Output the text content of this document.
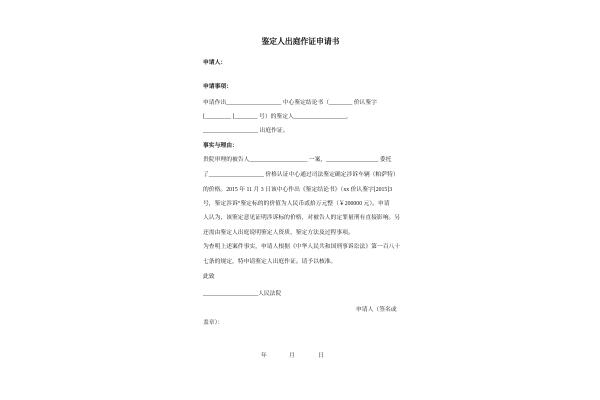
鉴定人出庭作证申请书
申请人：
申请事项：
申请作出___________________ 中心鉴定结论书（________ 价认鉴字
[_________ ]________ 号）的鉴定人__________________，
___________________ 出庭作证。
事实与理由：
贵院审理的被告人____________________ 一案，__________________ 委托
了___________________ 价格认证中心通过司法鉴定确定涉诉车辆（帕萨特）
的价格。2015 年 11 月 3 日该中心作出《鉴定结论书》（xx 价认鉴字[2015]3
号，鉴定涉诉“鉴定标的的价值为人民币贰拾万元整（￥200000 元）。申请
人认为，该鉴定意见证明涉诉标的价格，对被告人的定罪量刑有直接影响。另
还需由鉴定人出庭说明鉴定人资质、鉴定方法及过程事项。
为查明上述案件事实，申请人根据《中华人民共和国刑事诉讼法》第一百八十
七条的规定，特申请鉴定人出庭作证。请予以核准。
此致
___________________人民法院
申请人（签名或
盖章）：
年	月	日
